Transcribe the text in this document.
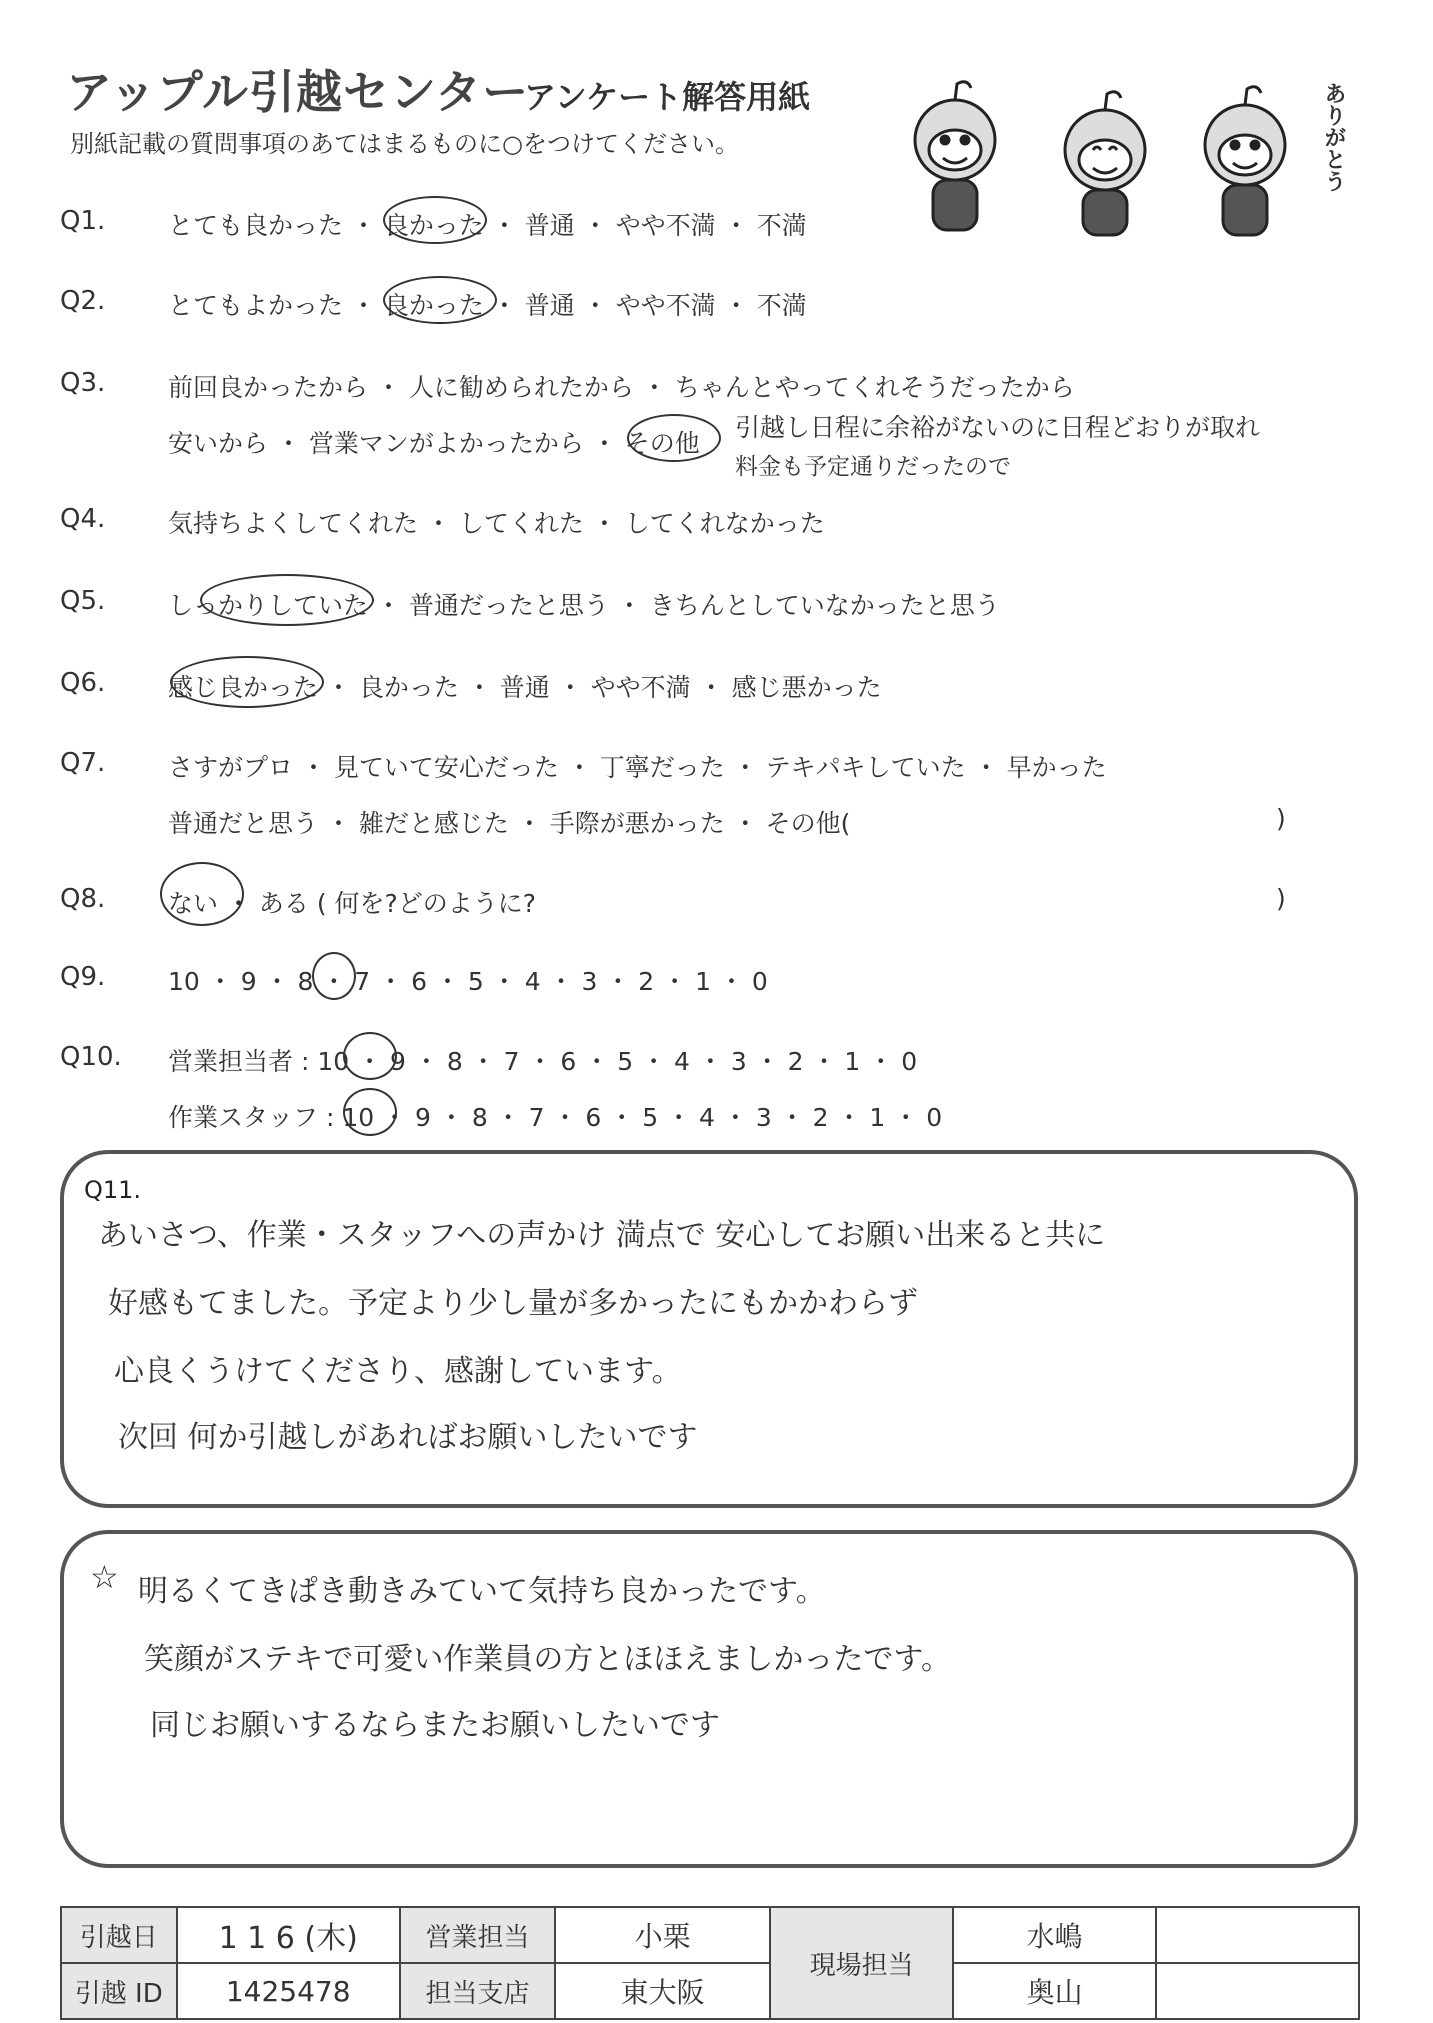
アップル引越センター
アンケート解答用紙
別紙記載の質問事項のあてはまるものに○をつけてください。	ありがとう
Q1.	とても良かった ・ 良かった ・ 普通 ・ やや不満 ・ 不満
Q2.	とてもよかった ・ 良かった ・ 普通 ・ やや不満 ・ 不満
Q3.	前回良かったから ・ 人に勧められたから ・ ちゃんとやってくれそうだったから
安いから ・ 営業マンがよかったから ・ その他
引越し日程に余裕がないのに日程どおりが取れ
料金も予定通りだったので
Q4.	気持ちよくしてくれた ・ してくれた ・ してくれなかった
Q5.	しっかりしていた ・ 普通だったと思う ・ きちんとしていなかったと思う
Q6.	感じ良かった ・ 良かった ・ 普通 ・ やや不満 ・ 感じ悪かった
Q7.	さすがプロ ・ 見ていて安心だった ・ 丁寧だった ・ テキパキしていた ・ 早かった
普通だと思う ・ 雑だと感じた ・ 手際が悪かった ・ その他(	)
Q8.	ない ・ ある ( 何を?どのように?	)
Q9.	10 ・ 9 ・ 8 ・ 7 ・ 6 ・ 5 ・ 4 ・ 3 ・ 2 ・ 1 ・ 0
Q10. 営業担当者 : 10 ・ 9 ・ 8 ・ 7 ・ 6 ・ 5 ・ 4 ・ 3 ・ 2 ・ 1 ・ 0
作業スタッフ : 10 ・ 9 ・ 8 ・ 7 ・ 6 ・ 5 ・ 4 ・ 3 ・ 2 ・ 1 ・ 0
Q11.
あいさつ、作業・スタッフへの声かけ 満点で 安心してお願い出来ると共に
好感もてました。予定より少し量が多かったにもかかわらず
心良くうけてくださり、感謝しています。
次回 何か引越しがあればお願いしたいです
☆ 明るくてきぱき動きみていて気持ち良かったです。
笑顔がステキで可愛い作業員の方とほほえましかったです。
同じお願いするならまたお願いしたいです
引越日	1 1 6 (木)	営業担当	小栗	現場担当	水嶋	
引越 ID	1425478	担当支店	東大阪		奥山	
